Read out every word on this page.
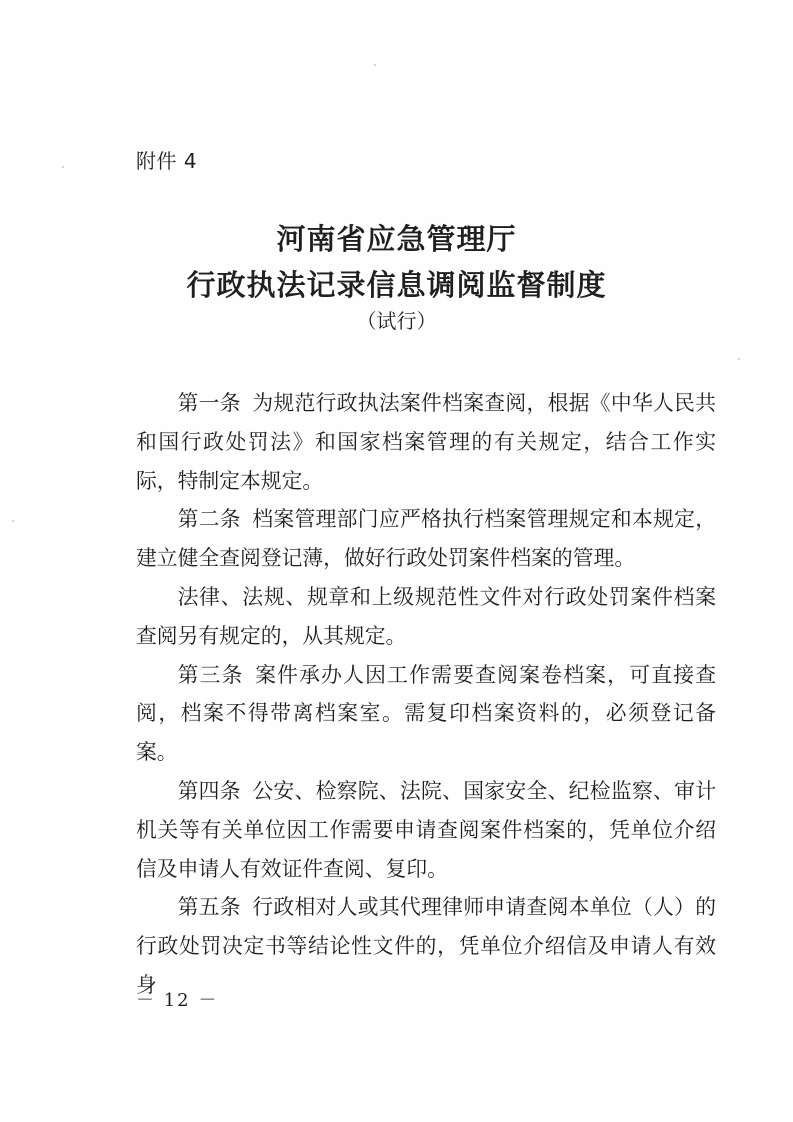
附件 4
河南省应急管理厅
行政执法记录信息调阅监督制度
（试行）

第一条 为规范行政执法案件档案查阅，根据《中华人民共和国行政处罚法》和国家档案管理的有关规定，结合工作实际，特制定本规定。

第二条 档案管理部门应严格执行档案管理规定和本规定，建立健全查阅登记薄，做好行政处罚案件档案的管理。

法律、法规、规章和上级规范性文件对行政处罚案件档案查阅另有规定的，从其规定。

第三条 案件承办人因工作需要查阅案卷档案，可直接查阅，档案不得带离档案室。需复印档案资料的，必须登记备案。

第四条 公安、检察院、法院、国家安全、纪检监察、审计机关等有关单位因工作需要申请查阅案件档案的，凭单位介绍信及申请人有效证件查阅、复印。

第五条 行政相对人或其代理律师申请查阅本单位（人）的行政处罚决定书等结论性文件的，凭单位介绍信及申请人有效身

－ 12 －
